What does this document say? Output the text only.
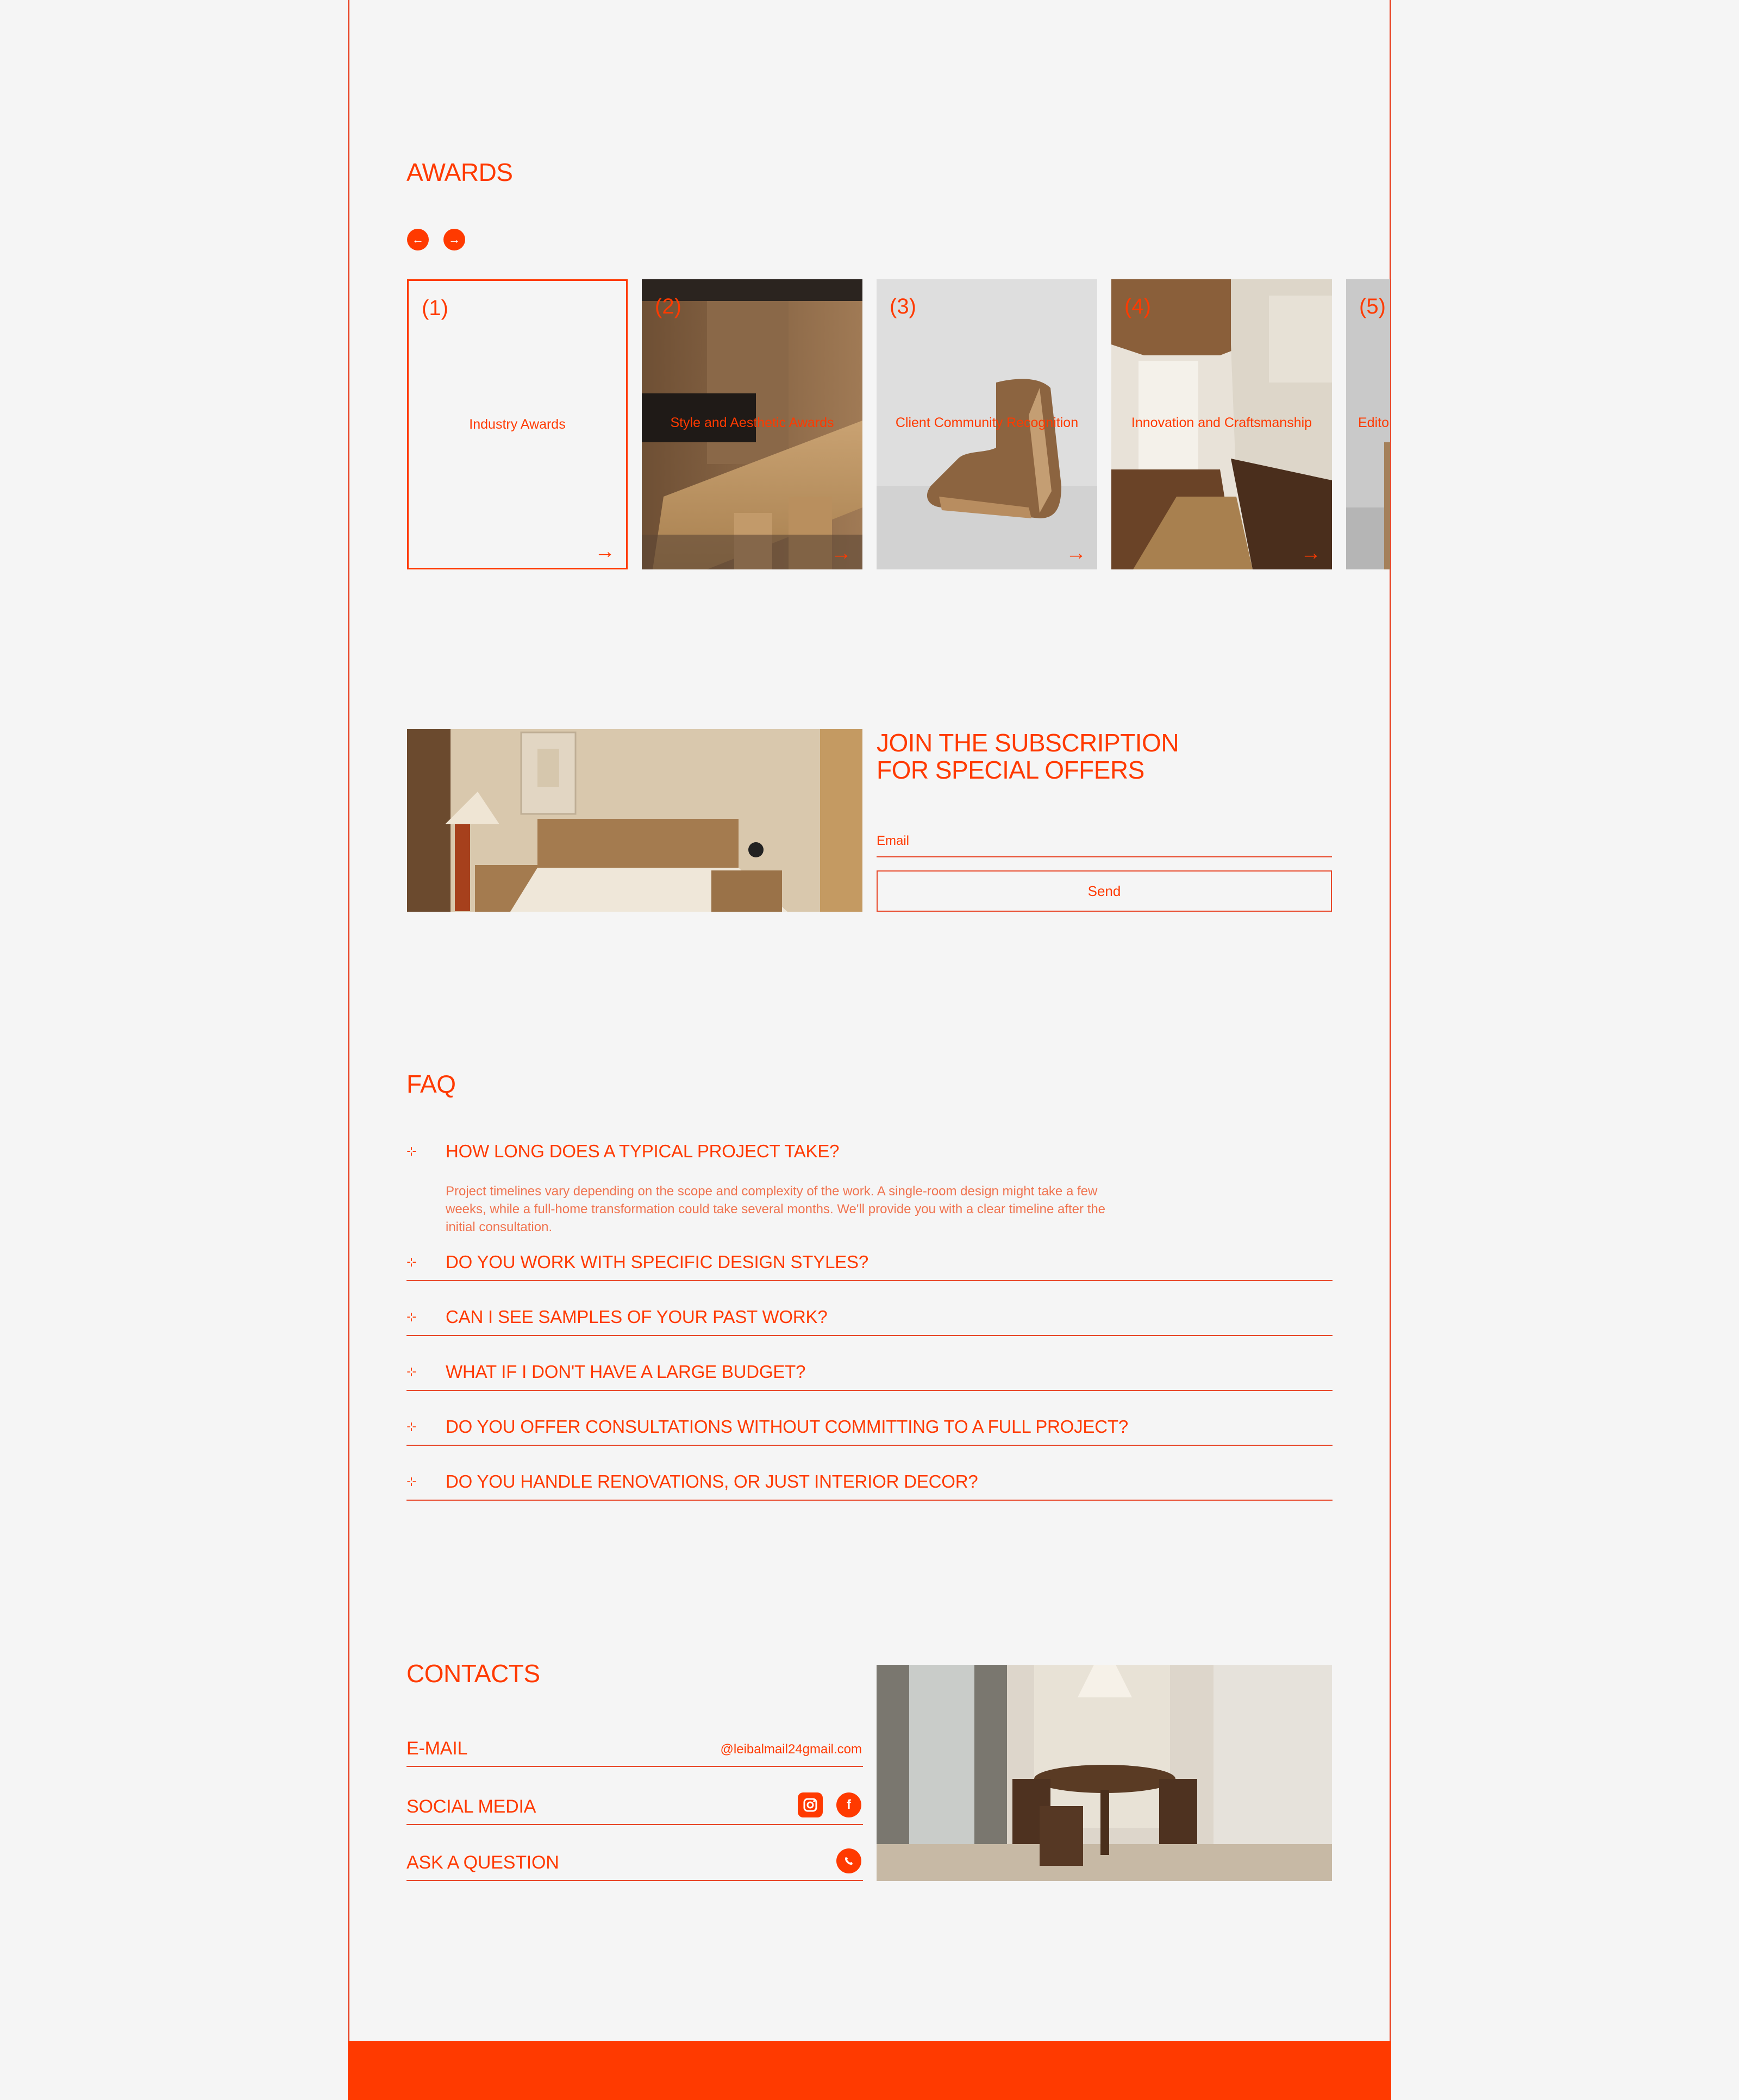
AWARDS
← →
(1)
Industry Awards
→
(2)
Style and Aesthetic Awards
→
(3)
Client Community Recognition
→
(4)
Innovation and Craftsmanship
→
(5)
Edito
JOIN THE SUBSCRIPTION
FOR SPECIAL OFFERS
Email
Send
FAQ
⊹ HOW LONG DOES A TYPICAL PROJECT TAKE?

Project timelines vary depending on the scope and complexity of the work. A single-room design might take a few weeks, while a full-home transformation could take several months. We'll provide you with a clear timeline after the initial consultation.

⊹ DO YOU WORK WITH SPECIFIC DESIGN STYLES?
⊹ CAN I SEE SAMPLES OF YOUR PAST WORK?
⊹ WHAT IF I DON'T HAVE A LARGE BUDGET?
⊹ DO YOU OFFER CONSULTATIONS WITHOUT COMMITTING TO A FULL PROJECT?
⊹ DO YOU HANDLE RENOVATIONS, OR JUST INTERIOR DECOR?
CONTACTS
E-MAIL	@leibalmail24gmail.com
SOCIAL MEDIA	f
ASK A QUESTION
